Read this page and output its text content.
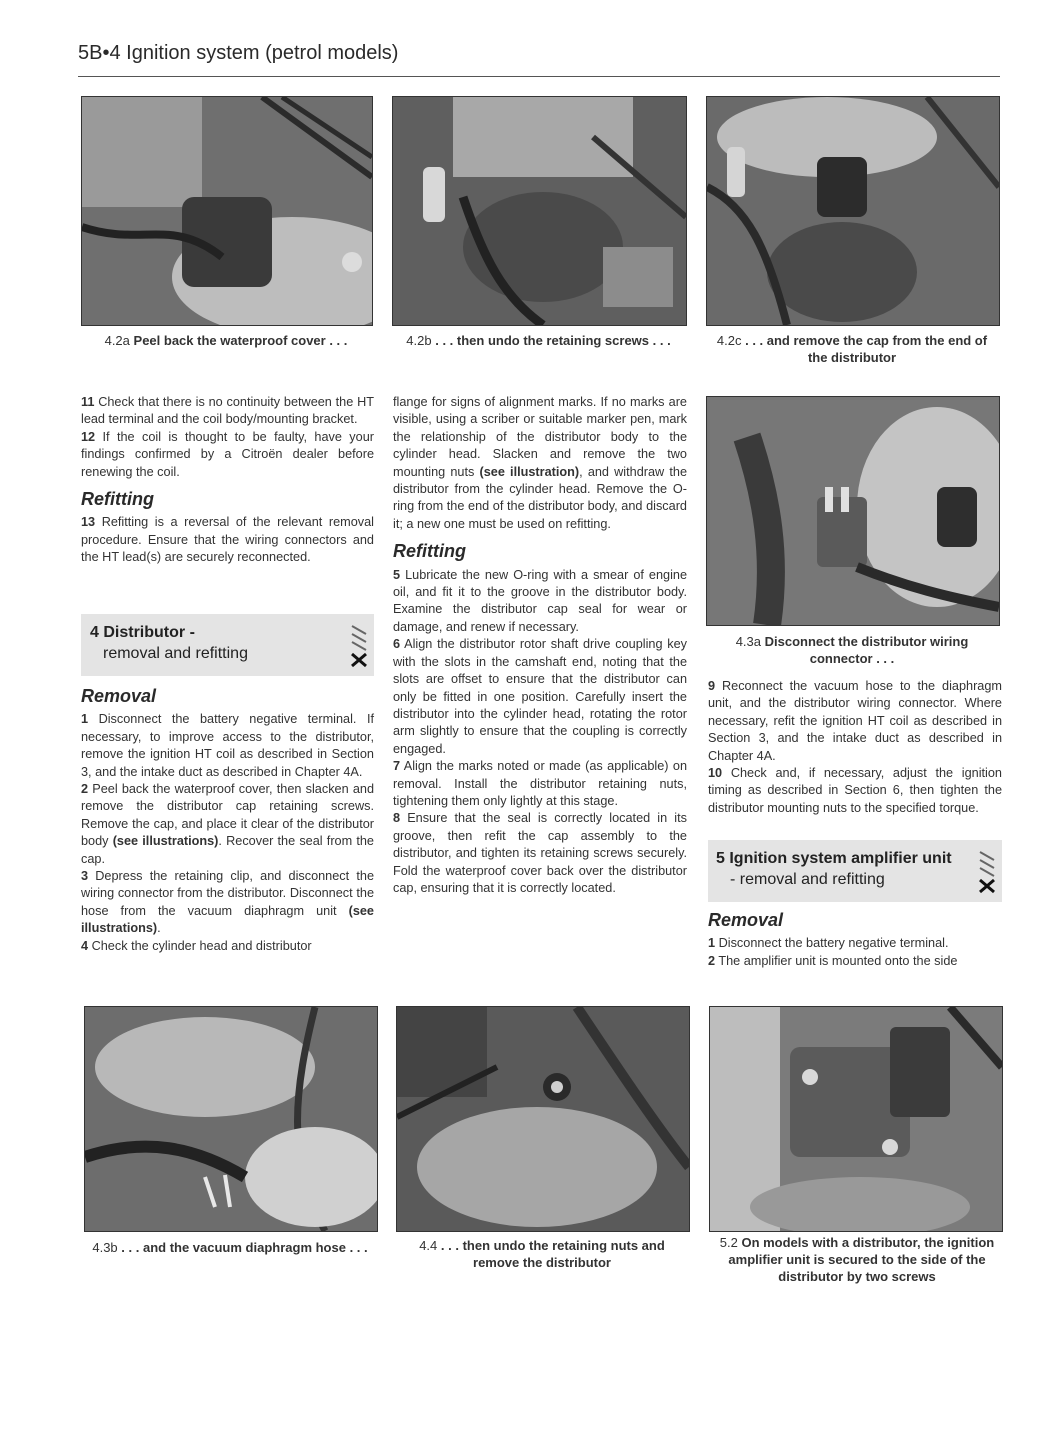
5B•4 Ignition system (petrol models)
4.2a Peel back the waterproof cover . . .	4.2b . . . then undo the retaining screws . . .	4.2c . . . and remove the cap from the end of the distributor

11 Check that there is no continuity between the HT lead terminal and the coil body/mounting bracket.

12 If the coil is thought to be faulty, have your findings confirmed by a Citroën dealer before renewing the coil.

Refitting

13 Refitting is a reversal of the relevant removal procedure. Ensure that the wiring connectors and the HT lead(s) are securely reconnected.

4 Distributor -
removal and refitting
Removal

1 Disconnect the battery negative terminal. If necessary, to improve access to the distributor, remove the ignition HT coil as described in Section 3, and the intake duct as described in Chapter 4A.

2 Peel back the waterproof cover, then slacken and remove the distributor cap retaining screws. Remove the cap, and place it clear of the distributor body (see illustrations). Recover the seal from the cap.

3 Depress the retaining clip, and disconnect the wiring connector from the distributor. Disconnect the hose from the vacuum diaphragm unit (see illustrations).

4 Check the cylinder head and distributor

flange for signs of alignment marks. If no marks are visible, using a scriber or suitable marker pen, mark the relationship of the distributor body to the cylinder head. Slacken and remove the two mounting nuts (see illustration), and withdraw the distributor from the cylinder head. Remove the O-ring from the end of the distributor body, and discard it; a new one must be used on refitting.

Refitting

5 Lubricate the new O-ring with a smear of engine oil, and fit it to the groove in the distributor body. Examine the distributor cap seal for wear or damage, and renew if necessary.

6 Align the distributor rotor shaft drive coupling key with the slots in the camshaft end, noting that the slots are offset to ensure that the distributor can only be fitted in one position. Carefully insert the distributor into the cylinder head, rotating the rotor arm slightly to ensure that the coupling is correctly engaged.

7 Align the marks noted or made (as applicable) on removal. Install the distributor retaining nuts, tightening them only lightly at this stage.

8 Ensure that the seal is correctly located in its groove, then refit the cap assembly to the distributor, and tighten its retaining screws securely. Fold the waterproof cover back over the distributor cap, ensuring that it is correctly located.

4.3a Disconnect the distributor wiring connector . . .

9 Reconnect the vacuum hose to the diaphragm unit, and the distributor wiring connector. Where necessary, refit the ignition HT coil as described in Section 3, and the intake duct as described in Chapter 4A.

10 Check and, if necessary, adjust the ignition timing as described in Section 6, then tighten the distributor mounting nuts to the specified torque.

5 Ignition system amplifier unit
- removal and refitting
Removal

1 Disconnect the battery negative terminal.

2 The amplifier unit is mounted onto the side

4.3b . . . and the vacuum diaphragm hose . . .	4.4 . . . then undo the retaining nuts and remove the distributor
5.2 On models with a distributor, the ignition amplifier unit is secured to the side of the distributor by two screws
